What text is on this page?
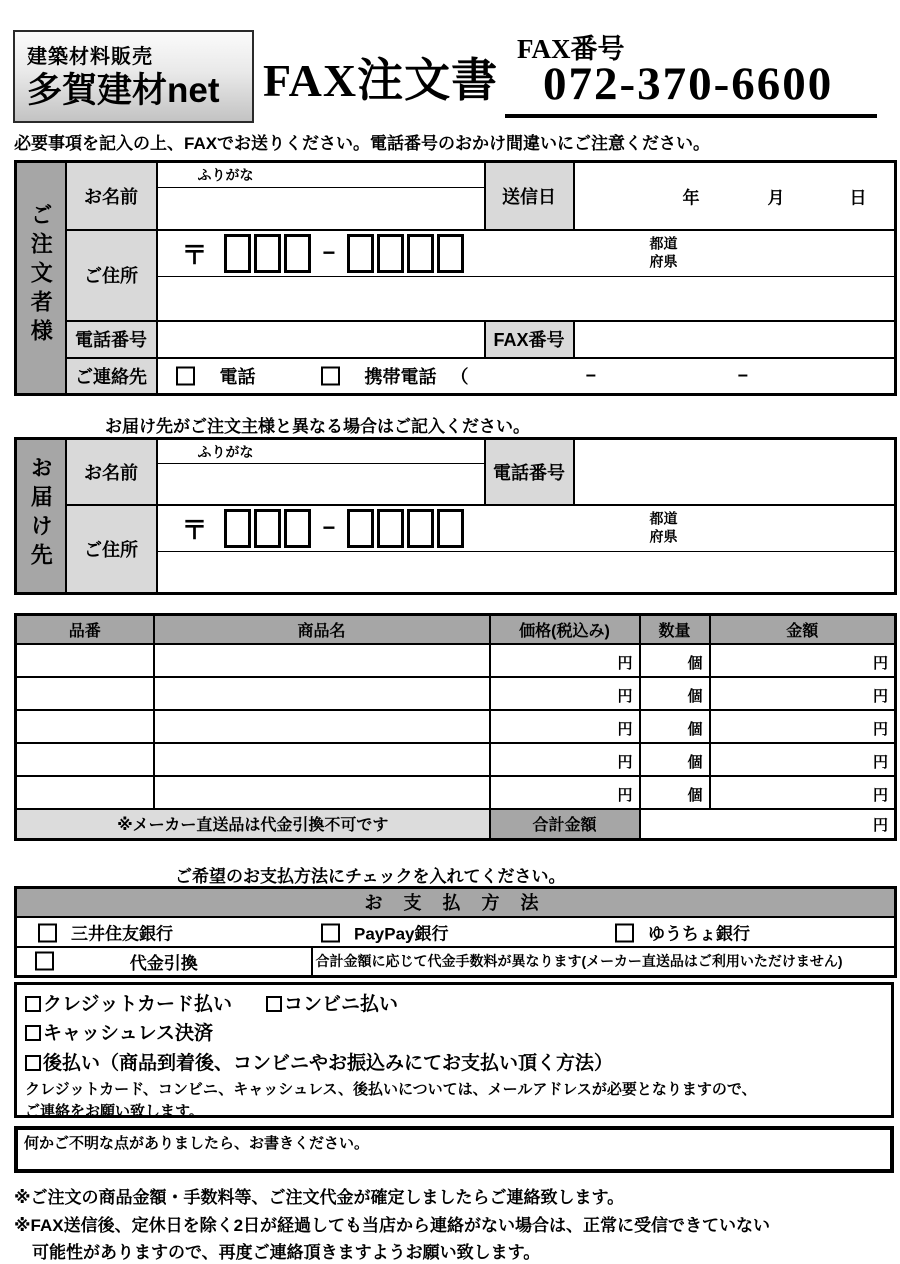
建築材料販売
多賀建材net FAX注文書
FAX番号
072-370-6600
必要事項を記入の上、FAXでお送りください。電話番号のおかけ間違いにご注意ください。
ご注文者様	お名前	ふりがな	送信日	年 月 日

	ご住所	〒 − 都道
府県		

	電話番号		FAX番号	
	ご連絡先	電話 携帯電話 （ − −		
お届け先がご注文主様と異なる場合はご記入ください。
お届け先	お名前	ふりがな	電話番号	

	ご住所	〒 − 都道
府県		

品番	商品名	価格(税込み)	数量	金額
		円	個	円
		円	個	円
		円	個	円
		円	個	円
		円	個	円
※メーカー直送品は代金引換不可です		合計金額	円	
ご希望のお支払方法にチェックを入れてください。
お 支 払 方 法

三井住友銀行	PayPay銀行	ゆうちょ銀行

代金引換	合計金額に応じて代金手数料が異なります(メーカー直送品はご利用いただけません)
クレジットカード払い	コンビニ払い
キャッシュレス決済
後払い（商品到着後、コンビニやお振込みにてお支払い頂く方法）
クレジットカード、コンビニ、キャッシュレス、後払いについては、メールアドレスが必要となりますので、
ご連絡をお願い致します。
何かご不明な点がありましたら、お書きください。
※ご注文の商品金額・手数料等、ご注文代金が確定しましたらご連絡致します。
※FAX送信後、定休日を除く2日が経過しても当店から連絡がない場合は、正常に受信できていない
可能性がありますので、再度ご連絡頂きますようお願い致します。
